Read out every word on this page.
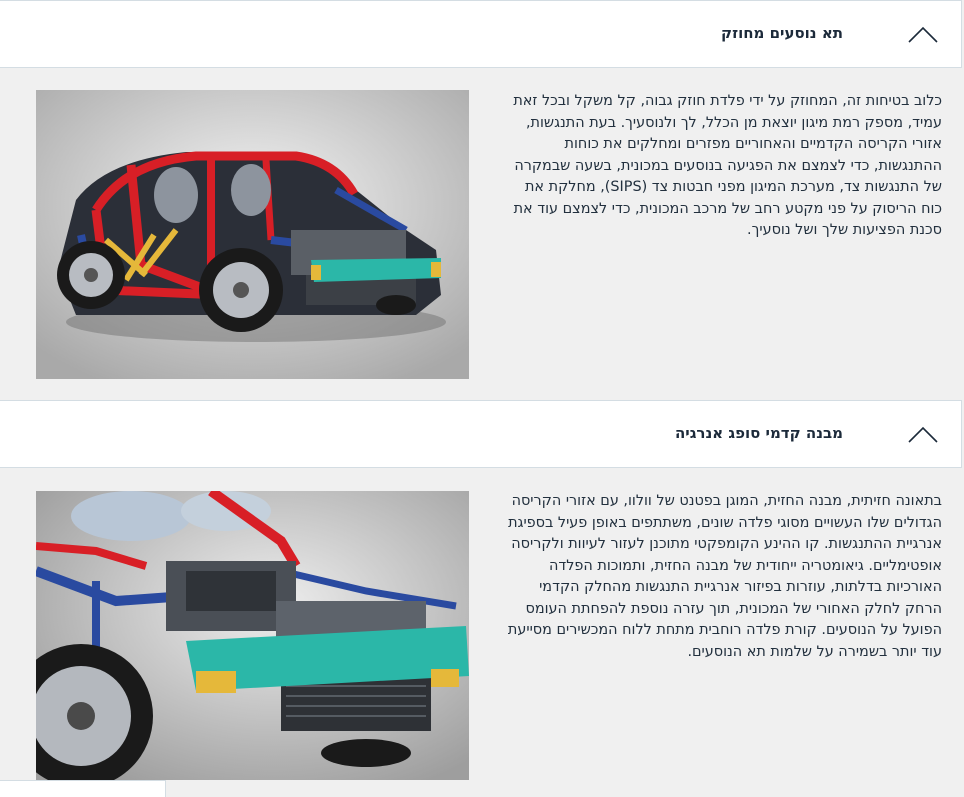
תא נוסעים מחוזק

כלוב בטיחות זה, המחוזק על ידי פלדת חוזק גבוה, קל משקל ובכל זאת עמיד, מספק רמת מיגון יוצאת מן הכלל, לך ולנוסעיך. בעת התנגשות, אזורי הקריסה הקדמיים והאחוריים מפזרים ומחלקים את כוחות ההתנגשות, כדי לצמצם את הפגיעה בנוסעים במכונית, בשעה שבמקרה של התנגשות צד, מערכת המיגון מפני חבטות צד (SIPS), מחלקת את כוח הריסוק על פני מקטע רחב של מרכב המכונית, כדי לצמצם עוד את סכנת הפציעות שלך ושל נוסעיך.

מבנה קדמי סופג אנרגיה

בתאונה חזיתית, מבנה החזית, המוגן בפטנט של וולוו, עם אזורי הקריסה הגדולים שלו העשויים מסוגי פלדה שונים, משתתפים באופן פעיל בספיגת אנרגיית ההתנגשות. קו ההינע הקומפקטי מתוכנן לעזור לעיוות ולקריסה אופטימליים. גיאומטריה ייחודית של מבנה החזית, ותמוכות הפלדה האורכיות בדלתות, עוזרות בפיזור אנרגיית התנגשות מהחלק הקדמי הרחק לחלק האחורי של המכונית, תוך עזרה נוספת להפחתת העומס הפועל על הנוסעים. קורת פלדה רוחבית מתחת ללוח המכשירים מסייעת עוד יותר בשמירה על שלמות תא הנוסעים.
